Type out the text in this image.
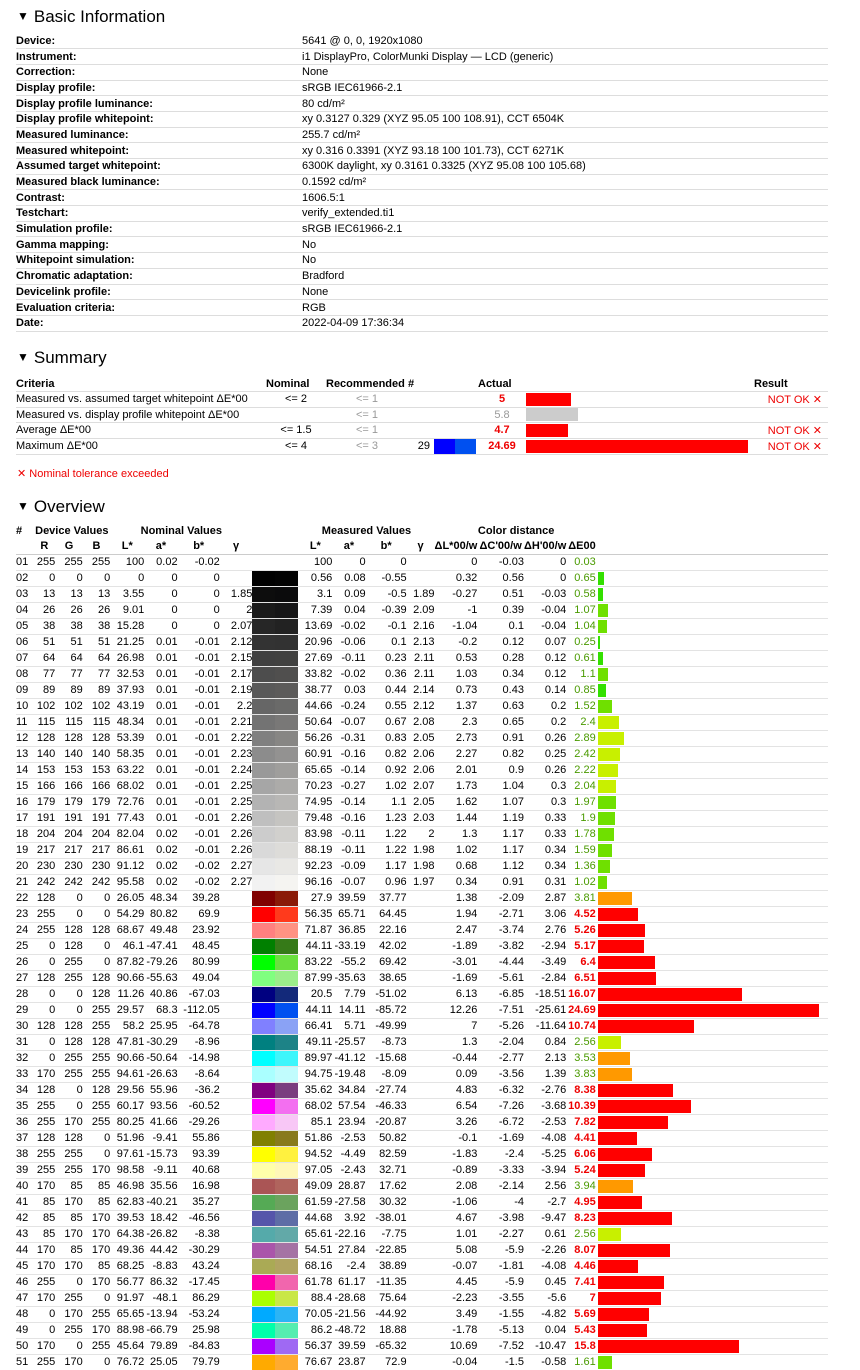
▼ Basic Information
Device:	5641 @ 0, 0, 1920x1080
Instrument:	i1 DisplayPro, ColorMunki Display — LCD (generic)
Correction:	None
Display profile:	sRGB IEC61966-2.1
Display profile luminance:	80 cd/m²
Display profile whitepoint:	xy 0.3127 0.329 (XYZ 95.05 100 108.91), CCT 6504K
Measured luminance:	255.7 cd/m²
Measured whitepoint:	xy 0.316 0.3391 (XYZ 93.18 100 101.73), CCT 6271K
Assumed target whitepoint:	6300K daylight, xy 0.3161 0.3325 (XYZ 95.08 100 105.68)
Measured black luminance:	0.1592 cd/m²
Contrast:	1606.5:1
Testchart:	verify_extended.ti1
Simulation profile:	sRGB IEC61966-2.1
Gamma mapping:	No
Whitepoint simulation:	No
Chromatic adaptation:	Bradford
Devicelink profile:	None
Evaluation criteria:	RGB
Date:	2022-04-09 17:36:34
▼ Summary
Criteria	Nominal	Recommended	#		Actual		Result
Measured vs. assumed target whitepoint ΔE*00	<= 2	<= 1			5		NOT OK ✕
Measured vs. display profile whitepoint ΔE*00		<= 1			5.8	

Average ΔE*00	<= 1.5	<= 1			4.7		NOT OK ✕
Maximum ΔE*00	<= 4	<= 3	29		24.69		NOT OK ✕
✕ Nominal tolerance exceeded
▼ Overview
#	Device Values			Nominal Values						Measured Values				Color distance				
	R	G	B	L*	a*	b*	γ			L*	a*	b*	γ	ΔL*00/w	ΔC'00/w	ΔH'00/w	ΔE00	
01	255	255	255	100	0.02	-0.02				100	0	0		0	-0.03	0	0.03	

02	0	0	0	0	0	0				0.56	0.08	-0.55		0.32	0.56	0	0.65	

03	13	13	13	3.55	0	0	1.85			3.1	0.09	-0.5	1.89	-0.27	0.51	-0.03	0.58	

04	26	26	26	9.01	0	0	2			7.39	0.04	-0.39	2.09	-1	0.39	-0.04	1.07	

05	38	38	38	15.28	0	0	2.07			13.69	-0.02	-0.1	2.16	-1.04	0.1	-0.04	1.04	

06	51	51	51	21.25	0.01	-0.01	2.12			20.96	-0.06	0.1	2.13	-0.2	0.12	0.07	0.25	

07	64	64	64	26.98	0.01	-0.01	2.15			27.69	-0.11	0.23	2.11	0.53	0.28	0.12	0.61	

08	77	77	77	32.53	0.01	-0.01	2.17			33.82	-0.02	0.36	2.11	1.03	0.34	0.12	1.1	

09	89	89	89	37.93	0.01	-0.01	2.19			38.77	0.03	0.44	2.14	0.73	0.43	0.14	0.85	

10	102	102	102	43.19	0.01	-0.01	2.2			44.66	-0.24	0.55	2.12	1.37	0.63	0.2	1.52	

11	115	115	115	48.34	0.01	-0.01	2.21			50.64	-0.07	0.67	2.08	2.3	0.65	0.2	2.4	

12	128	128	128	53.39	0.01	-0.01	2.22			56.26	-0.31	0.83	2.05	2.73	0.91	0.26	2.89	

13	140	140	140	58.35	0.01	-0.01	2.23			60.91	-0.16	0.82	2.06	2.27	0.82	0.25	2.42	

14	153	153	153	63.22	0.01	-0.01	2.24			65.65	-0.14	0.92	2.06	2.01	0.9	0.26	2.22	

15	166	166	166	68.02	0.01	-0.01	2.25			70.23	-0.27	1.02	2.07	1.73	1.04	0.3	2.04	

16	179	179	179	72.76	0.01	-0.01	2.25			74.95	-0.14	1.1	2.05	1.62	1.07	0.3	1.97	

17	191	191	191	77.43	0.01	-0.01	2.26			79.48	-0.16	1.23	2.03	1.44	1.19	0.33	1.9	

18	204	204	204	82.04	0.02	-0.01	2.26			83.98	-0.11	1.22	2	1.3	1.17	0.33	1.78	

19	217	217	217	86.61	0.02	-0.01	2.26			88.19	-0.11	1.22	1.98	1.02	1.17	0.34	1.59	

20	230	230	230	91.12	0.02	-0.02	2.27			92.23	-0.09	1.17	1.98	0.68	1.12	0.34	1.36	

21	242	242	242	95.58	0.02	-0.02	2.27			96.16	-0.07	0.96	1.97	0.34	0.91	0.31	1.02	

22	128	0	0	26.05	48.34	39.28				27.9	39.59	37.77		1.38	-2.09	2.87	3.81	

23	255	0	0	54.29	80.82	69.9				56.35	65.71	64.45		1.94	-2.71	3.06	4.52	

24	255	128	128	68.67	49.48	23.92				71.87	36.85	22.16		2.47	-3.74	2.76	5.26	

25	0	128	0	46.1	-47.41	48.45				44.11	-33.19	42.02		-1.89	-3.82	-2.94	5.17	

26	0	255	0	87.82	-79.26	80.99				83.22	-55.2	69.42		-3.01	-4.44	-3.49	6.4	

27	128	255	128	90.66	-55.63	49.04				87.99	-35.63	38.65		-1.69	-5.61	-2.84	6.51	

28	0	0	128	11.26	40.86	-67.03				20.5	7.79	-51.02		6.13	-6.85	-18.51	16.07	

29	0	0	255	29.57	68.3	-112.05				44.11	14.11	-85.72		12.26	-7.51	-25.61	24.69	

30	128	128	255	58.2	25.95	-64.78				66.41	5.71	-49.99		7	-5.26	-11.64	10.74	

31	0	128	128	47.81	-30.29	-8.96				49.11	-25.57	-8.73		1.3	-2.04	0.84	2.56	

32	0	255	255	90.66	-50.64	-14.98				89.97	-41.12	-15.68		-0.44	-2.77	2.13	3.53	

33	170	255	255	94.61	-26.63	-8.64				94.75	-19.48	-8.09		0.09	-3.56	1.39	3.83	

34	128	0	128	29.56	55.96	-36.2				35.62	34.84	-27.74		4.83	-6.32	-2.76	8.38	

35	255	0	255	60.17	93.56	-60.52				68.02	57.54	-46.33		6.54	-7.26	-3.68	10.39	

36	255	170	255	80.25	41.66	-29.26				85.1	23.94	-20.87		3.26	-6.72	-2.53	7.82	

37	128	128	0	51.96	-9.41	55.86				51.86	-2.53	50.82		-0.1	-1.69	-4.08	4.41	

38	255	255	0	97.61	-15.73	93.39				94.52	-4.49	82.59		-1.83	-2.4	-5.25	6.06	

39	255	255	170	98.58	-9.11	40.68				97.05	-2.43	32.71		-0.89	-3.33	-3.94	5.24	

40	170	85	85	46.98	35.56	16.98				49.09	28.87	17.62		2.08	-2.14	2.56	3.94	

41	85	170	85	62.83	-40.21	35.27				61.59	-27.58	30.32		-1.06	-4	-2.7	4.95	

42	85	85	170	39.53	18.42	-46.56				44.68	3.92	-38.01		4.67	-3.98	-9.47	8.23	

43	85	170	170	64.38	-26.82	-8.38				65.61	-22.16	-7.75		1.01	-2.27	0.61	2.56	

44	170	85	170	49.36	44.42	-30.29				54.51	27.84	-22.85		5.08	-5.9	-2.26	8.07	

45	170	170	85	68.25	-8.83	43.24				68.16	-2.4	38.89		-0.07	-1.81	-4.08	4.46	

46	255	0	170	56.77	86.32	-17.45				61.78	61.17	-11.35		4.45	-5.9	0.45	7.41	

47	170	255	0	91.97	-48.1	86.29				88.4	-28.68	75.64		-2.23	-3.55	-5.6	7	

48	0	170	255	65.65	-13.94	-53.24				70.05	-21.56	-44.92		3.49	-1.55	-4.82	5.69	

49	0	255	170	88.98	-66.79	25.98				86.2	-48.72	18.88		-1.78	-5.13	0.04	5.43	

50	170	0	255	45.64	79.89	-84.83				56.37	39.59	-65.32		10.69	-7.52	-10.47	15.8	

51	255	170	0	76.72	25.05	79.79				76.67	23.87	72.9		-0.04	-1.5	-0.58	1.61	
